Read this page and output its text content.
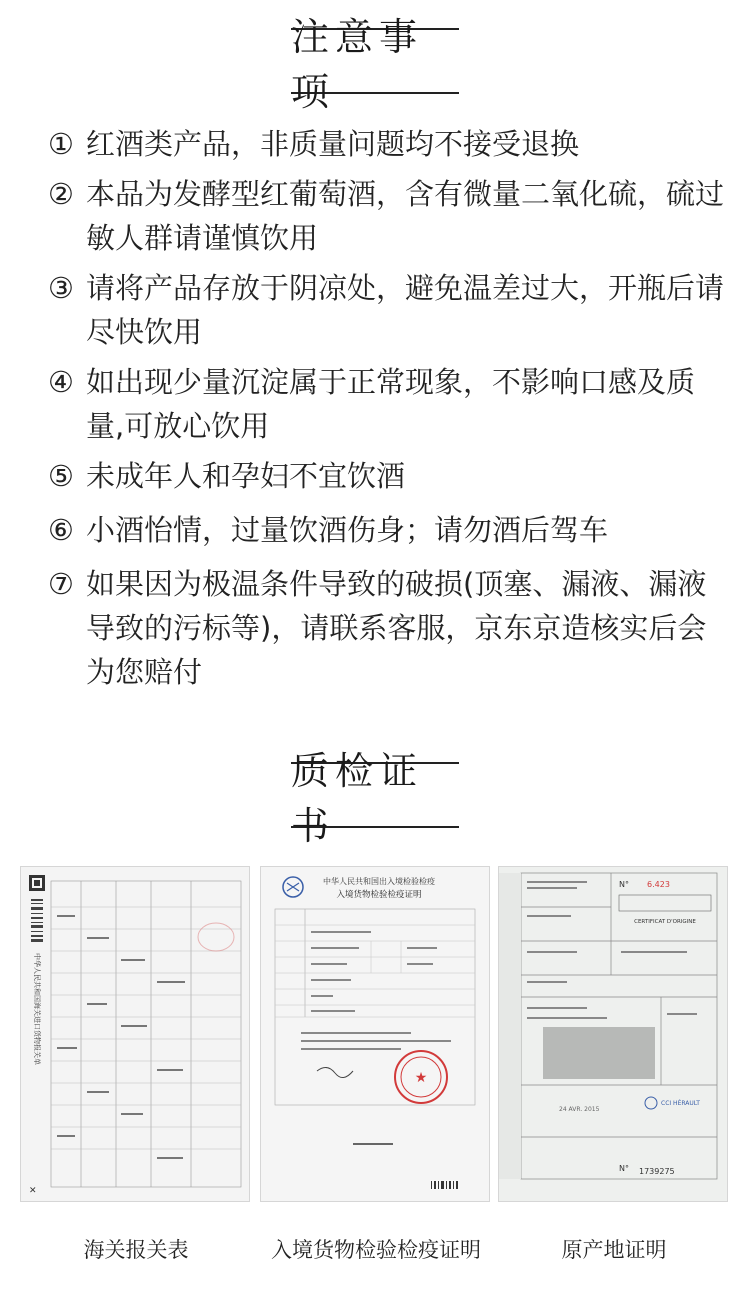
注意事项
① 红酒类产品，非质量问题均不接受退换
② 本品为发酵型红葡萄酒，含有微量二氧化硫，硫过敏人群请谨慎饮用
③ 请将产品存放于阴凉处，避免温差过大，开瓶后请尽快饮用
④ 如出现少量沉淀属于正常现象，不影响口感及质量,可放心饮用
⑤ 未成年人和孕妇不宜饮酒
⑥ 小酒怡情，过量饮酒伤身；请勿酒后驾车
⑦ 如果因为极温条件导致的破损(顶塞、漏液、漏液导致的污标等)，请联系客服，京东京造核实后会为您赔付
质检证书
中华人民共和国海关进口货物报关单
✕
海关报关表
中华人民共和国出入境检验检疫
入境货物检验检疫证明
★
入境货物检验检疫证明
N° 6.423
CERTIFICAT D'ORIGINE
24 AVR. 2015
CCI HÉRAULT
N° 1739275
原产地证明
